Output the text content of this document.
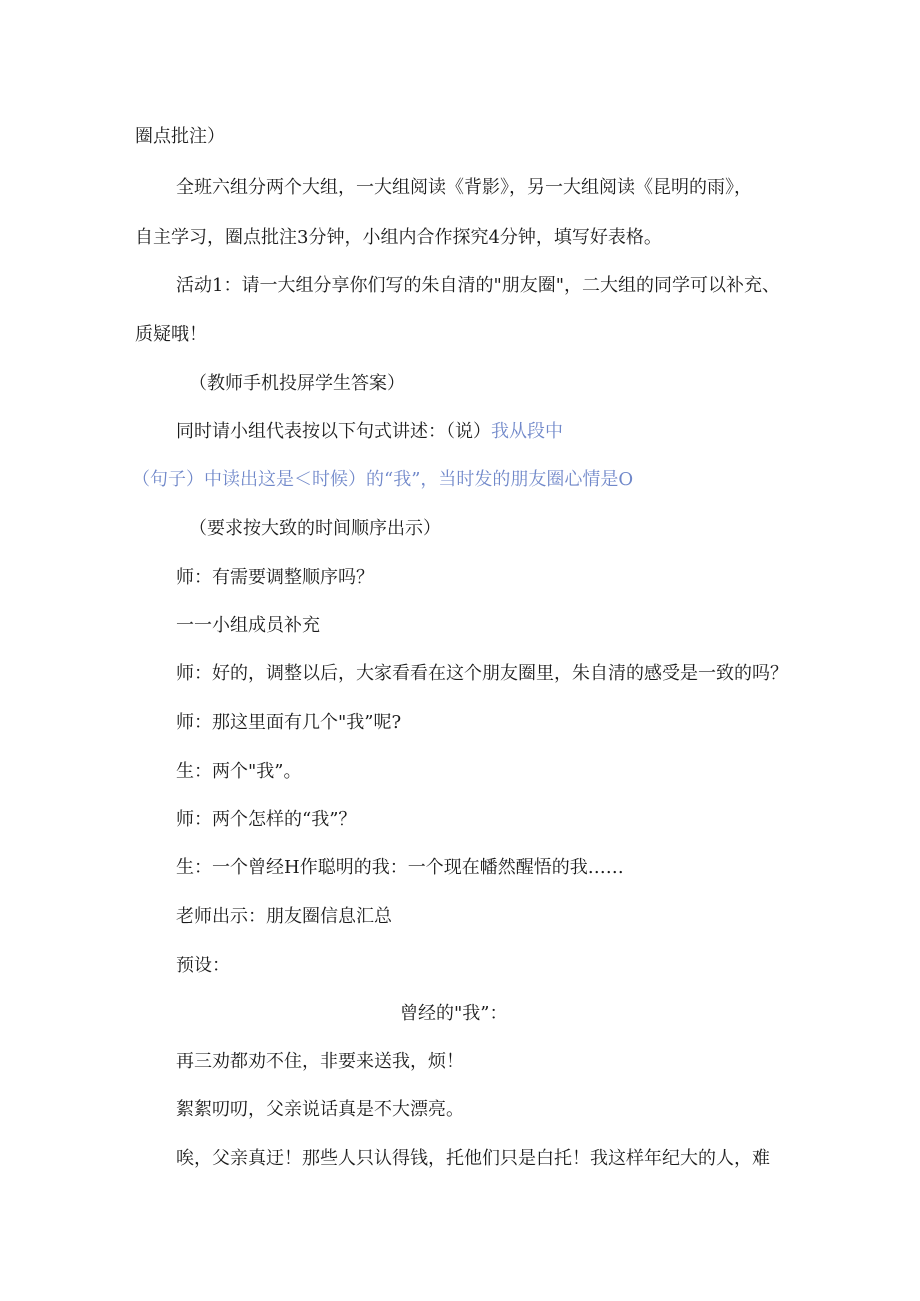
圈点批注）
全班六组分两个大组，一大组阅读《背影》，另一大组阅读《昆明的雨》，
自主学习，圈点批注3分钟，小组内合作探究4分钟，填写好表格。
活动1：请一大组分享你们写的朱自清的"朋友圈"，二大组的同学可以补充、
质疑哦！
（教师手机投屏学生答案）
同时请小组代表按以下句式讲述：（说）我从段中
（句子）中读出这是＜时候）的“我”，当时发的朋友圈心情是O
（要求按大致的时间顺序出示）
师：有需要调整顺序吗？
一一小组成员补充
师：好的，调整以后，大家看看在这个朋友圈里，朱自清的感受是一致的吗？
师：那这里面有几个"我”呢?
生：两个"我”。
师：两个怎样的“我”？
生：一个曾经H作聪明的我：一个现在幡然醒悟的我……
老师出示：朋友圈信息汇总
预设：
曾经的"我”：
再三劝都劝不住，非要来送我，烦！
絮絮叨叨，父亲说话真是不大漂亮。
唉，父亲真迂！那些人只认得钱，托他们只是白托！我这样年纪大的人，难
